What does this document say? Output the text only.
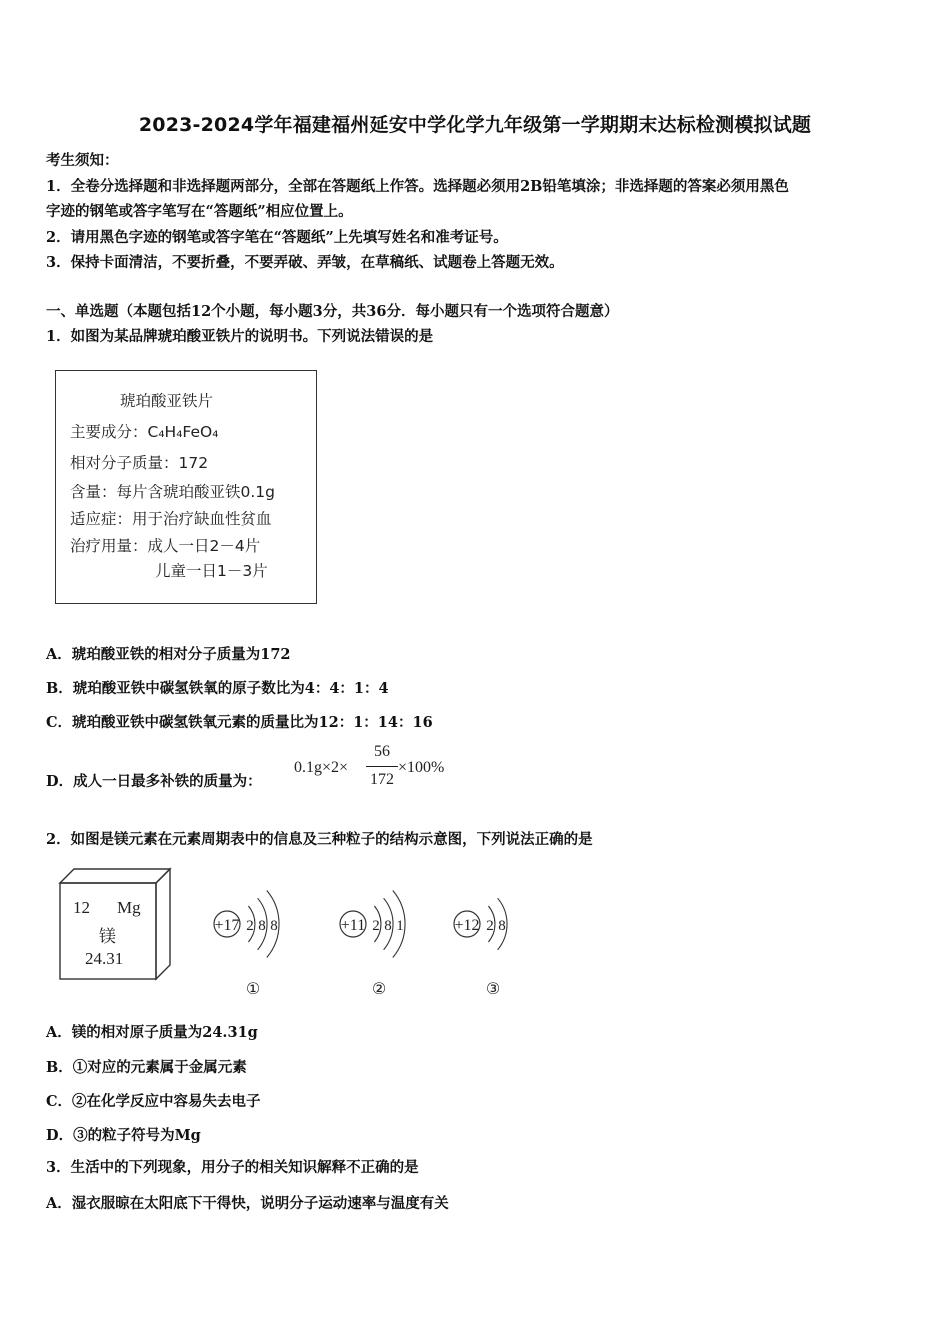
2023-2024学年福建福州延安中学化学九年级第一学期期末达标检测模拟试题
考生须知：
1．全卷分选择题和非选择题两部分，全部在答题纸上作答。选择题必须用2B铅笔填涂；非选择题的答案必须用黑色
字迹的钢笔或答字笔写在“答题纸”相应位置上。
2．请用黑色字迹的钢笔或答字笔在“答题纸”上先填写姓名和准考证号。
3．保持卡面清洁，不要折叠，不要弄破、弄皱，在草稿纸、试题卷上答题无效。
一、单选题（本题包括12个小题，每小题3分，共36分．每小题只有一个选项符合题意）
1．如图为某品牌琥珀酸亚铁片的说明书。下列说法错误的是
琥珀酸亚铁片
主要成分：C₄H₄FeO₄
相对分子质量：172
含量：每片含琥珀酸亚铁0.1g
适应症：用于治疗缺血性贫血
治疗用量：成人一日2－4片
儿童一日1－3片
A．琥珀酸亚铁的相对分子质量为172
B．琥珀酸亚铁中碳氢铁氧的原子数比为4：4：1：4
C．琥珀酸亚铁中碳氢铁氧元素的质量比为12：1：14：16
D．成人一日最多补铁的质量为：
0.1g×2×
56
172
×100%
2．如图是镁元素在元素周期表中的信息及三种粒子的结构示意图，下列说法正确的是
12 Mg
镁
24.31
+17 2 8 8
①
+11 2 8 1
②
+12 2 8
③
A．镁的相对原子质量为24.31g
B．①对应的元素属于金属元素
C．②在化学反应中容易失去电子
D．③的粒子符号为Mg
3．生活中的下列现象，用分子的相关知识解释不正确的是
A．湿衣服晾在太阳底下干得快，说明分子运动速率与温度有关
